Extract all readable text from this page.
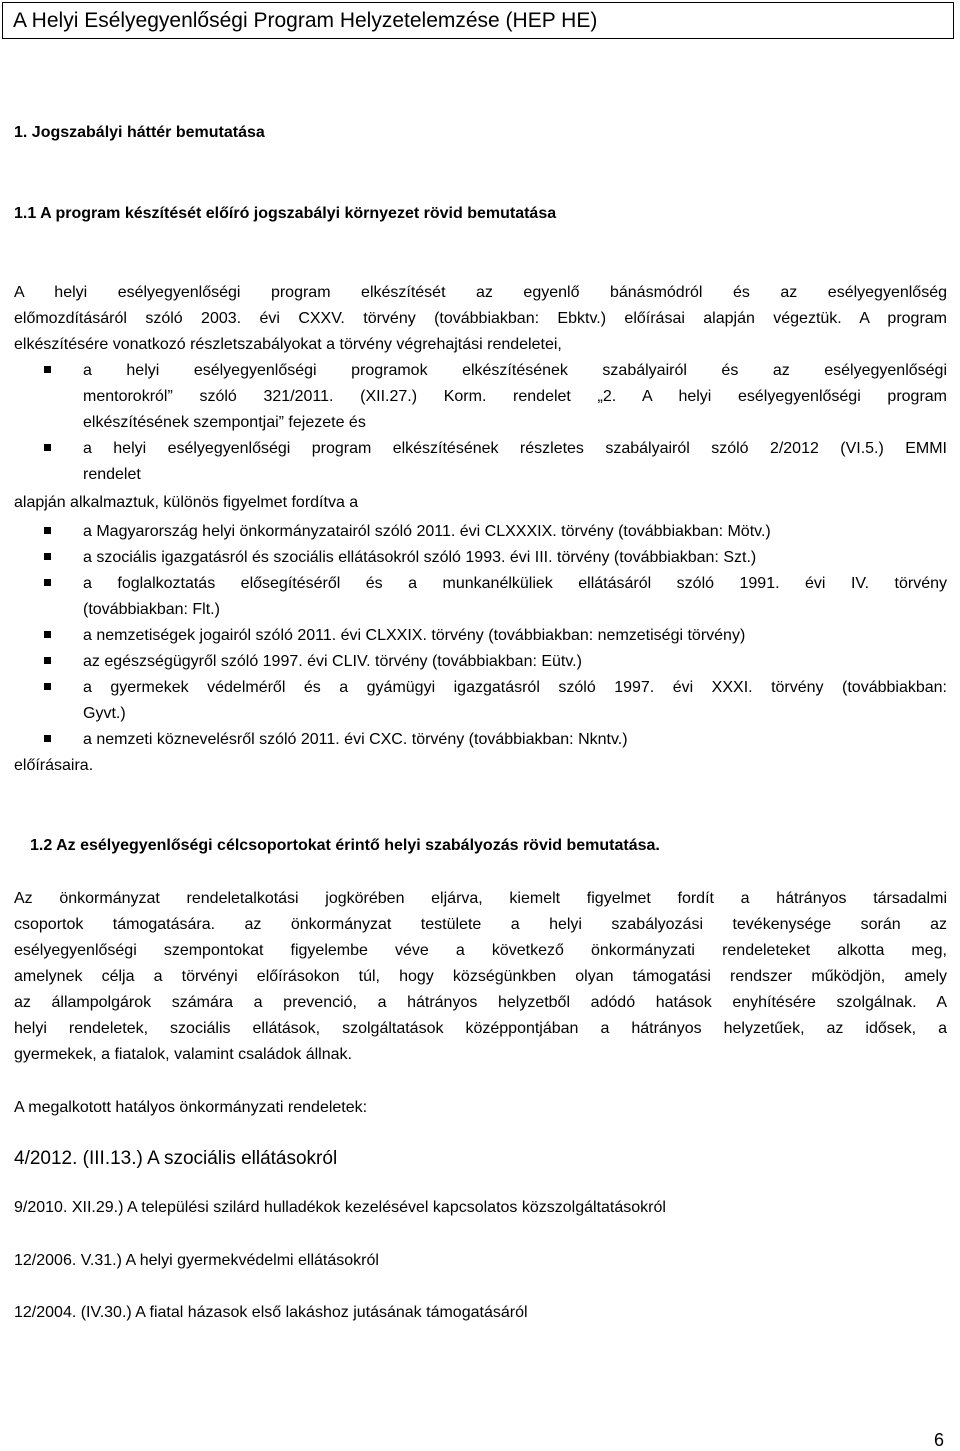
A Helyi Esélyegyenlőségi Program Helyzetelemzése (HEP HE)
1. Jogszabályi háttér bemutatása
1.1 A program készítését előíró jogszabályi környezet rövid bemutatása
A helyi esélyegyenlőségi program elkészítését az egyenlő bánásmódról és az esélyegyenlőség
előmozdításáról szóló 2003. évi CXXV. törvény (továbbiakban: Ebktv.) előírásai alapján végeztük. A program
elkészítésére vonatkozó részletszabályokat a törvény végrehajtási rendeletei,
a helyi esélyegyenlőségi programok elkészítésének szabályairól és az esélyegyenlőségi
mentorokról” szóló 321/2011. (XII.27.) Korm. rendelet „2. A helyi esélyegyenlőségi program
elkészítésének szempontjai” fejezete és
a helyi esélyegyenlőségi program elkészítésének részletes szabályairól szóló 2/2012 (VI.5.) EMMI
rendelet
alapján alkalmaztuk, különös figyelmet fordítva a
a Magyarország helyi önkormányzatairól szóló 2011. évi CLXXXIX. törvény (továbbiakban: Mötv.)
a szociális igazgatásról és szociális ellátásokról szóló 1993. évi III. törvény (továbbiakban: Szt.)
a foglalkoztatás elősegítéséről és a munkanélküliek ellátásáról szóló 1991. évi IV. törvény
(továbbiakban: Flt.)
a nemzetiségek jogairól szóló 2011. évi CLXXIX. törvény (továbbiakban: nemzetiségi törvény)
az egészségügyről szóló 1997. évi CLIV. törvény (továbbiakban: Eütv.)
a gyermekek védelméről és a gyámügyi igazgatásról szóló 1997. évi XXXI. törvény (továbbiakban:
Gyvt.)
a nemzeti köznevelésről szóló 2011. évi CXC. törvény (továbbiakban: Nkntv.)
előírásaira.
1.2 Az esélyegyenlőségi célcsoportokat érintő helyi szabályozás rövid bemutatása.
Az önkormányzat rendeletalkotási jogkörében eljárva, kiemelt figyelmet fordít a hátrányos társadalmi
csoportok támogatására. az önkormányzat testülete a helyi szabályozási tevékenysége során az
esélyegyenlőségi szempontokat figyelembe véve a következő önkormányzati rendeleteket alkotta meg,
amelynek célja a törvényi előírásokon túl, hogy községünkben olyan támogatási rendszer működjön, amely
az állampolgárok számára a prevenció, a hátrányos helyzetből adódó hatások enyhítésére szolgálnak. A
helyi rendeletek, szociális ellátások, szolgáltatások középpontjában a hátrányos helyzetűek, az idősek, a
gyermekek, a fiatalok, valamint családok állnak.
A megalkotott hatályos önkormányzati rendeletek:
4/2012. (III.13.) A szociális ellátásokról
9/2010. XII.29.) A települési szilárd hulladékok kezelésével kapcsolatos közszolgáltatásokról
12/2006. V.31.) A helyi gyermekvédelmi ellátásokról
12/2004. (IV.30.) A fiatal házasok első lakáshoz jutásának támogatásáról
6
